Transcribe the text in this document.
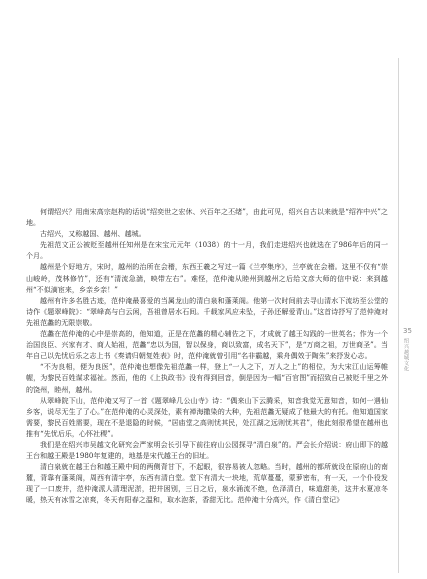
何谓绍兴？用南宋高宗赵构的话说“绍奕世之宏休、兴百年之丕绪”，由此可见，绍兴自古以来就是“绍祚中兴”之地。

古绍兴，又称越国、越州、越城。

先祖范文正公被贬至越州任知州是在宋宝元元年（1038）的十一月，我们走进绍兴也就选在了986年后的同一个月。

越州是个好地方，宋时，越州的治所在会稽，东西王羲之写过一篇《兰亭集序》，兰亭就在会稽。这里不仅有“崇山峻岭，茂林修竹”，还有“清流急湍，映带左右”。难怪，范仲淹从睦州到越州之后给文彦大师的信中说：来到越州“不似滴宦来，乡亲乡亲！”

越州有许多名胜古迹，范仲淹最喜爱的当属龙山的清白泉和蓬莱阁。他第一次时间前去寻山清水下流坊至公堂的诗作《题翠峰院》：“翠峰高与白云闲，吾祖曾居水石间。千载家风应未坠，子孙还解爱青山。”这首诗抒写了范仲淹对先祖范蠡的无限崇敬。

范蠡在范仲淹的心中是崇高的，他知道，正是在范蠡的精心辅佐之下，才成就了越王勾践的一世英名；作为一个治国良臣、兴家有才、商人始祖，范蠡“忠以为国，智以保身，商以致富，成名天下”，是“万商之祖，万世商圣”。当年自己以先忧后乐之志上书《奏请归朝复姓表》时，范仲淹就曾引用“名非霸越，乘舟偶效于陶朱”来抒发心志。

“不为良相，便为良医”，范仲淹也想像先祖范蠡一样，登上“一人之下，万人之上”的相位，为大宋江山运筹帷幄，为黎民百姓谋求福祉。然而，他的《上执政书》没有得到回音，倒是因为一幅“百官图”而招致自己被贬千里之外的饶州，睦州，越州。

从翠峰院下山，范仲淹又写了一首《题翠峰几公山寺》诗：“偶来山下云腾采，知音我觉无意知音，如何一遇仙乡客，说尽无生了了心。”在范仲淹的心灵深处，素有禅海撒染的大种，先祖范蠡无疑成了他最大的有托。他知道国家需要，黎民百姓需要，现在不是退隐的时候，“居庙堂之高则忧其民，处江湖之远则忧其君”，他此刻很希望在越州也推有“先忧后乐，心怀社稷”。

我们是在绍兴市吴越文化研究会严家明会长引导下前往府山公园探寻“清白泉”的。严会长介绍说：府山即下的越王台和越王殿是1980年复建的，地基是宋代越王台的旧址。

清白泉就在越王台和越王殿中间的两侧背甘下，不起眼，很容易被人忽略。当时，越州的都所就设在原府山的南麓，背靠有蓬莱阁，周西有清宇亭，东西有清白堂。堂下有清大一块地，荒草蔓蔓，蒙萝密布，有一天，一个仆役发现了一口废井，范仲淹派人清理泥淤，把井困别，三日之后，泉水涌流不绝，色泽清白，味道甜美，这井水夏凉冬暖，热天有冰雪之凉爽，冬天有阳春之温和，取水泡茶，香甜无比。范仲淹十分高兴，作《清白堂记》

35
绍兴越城文化
